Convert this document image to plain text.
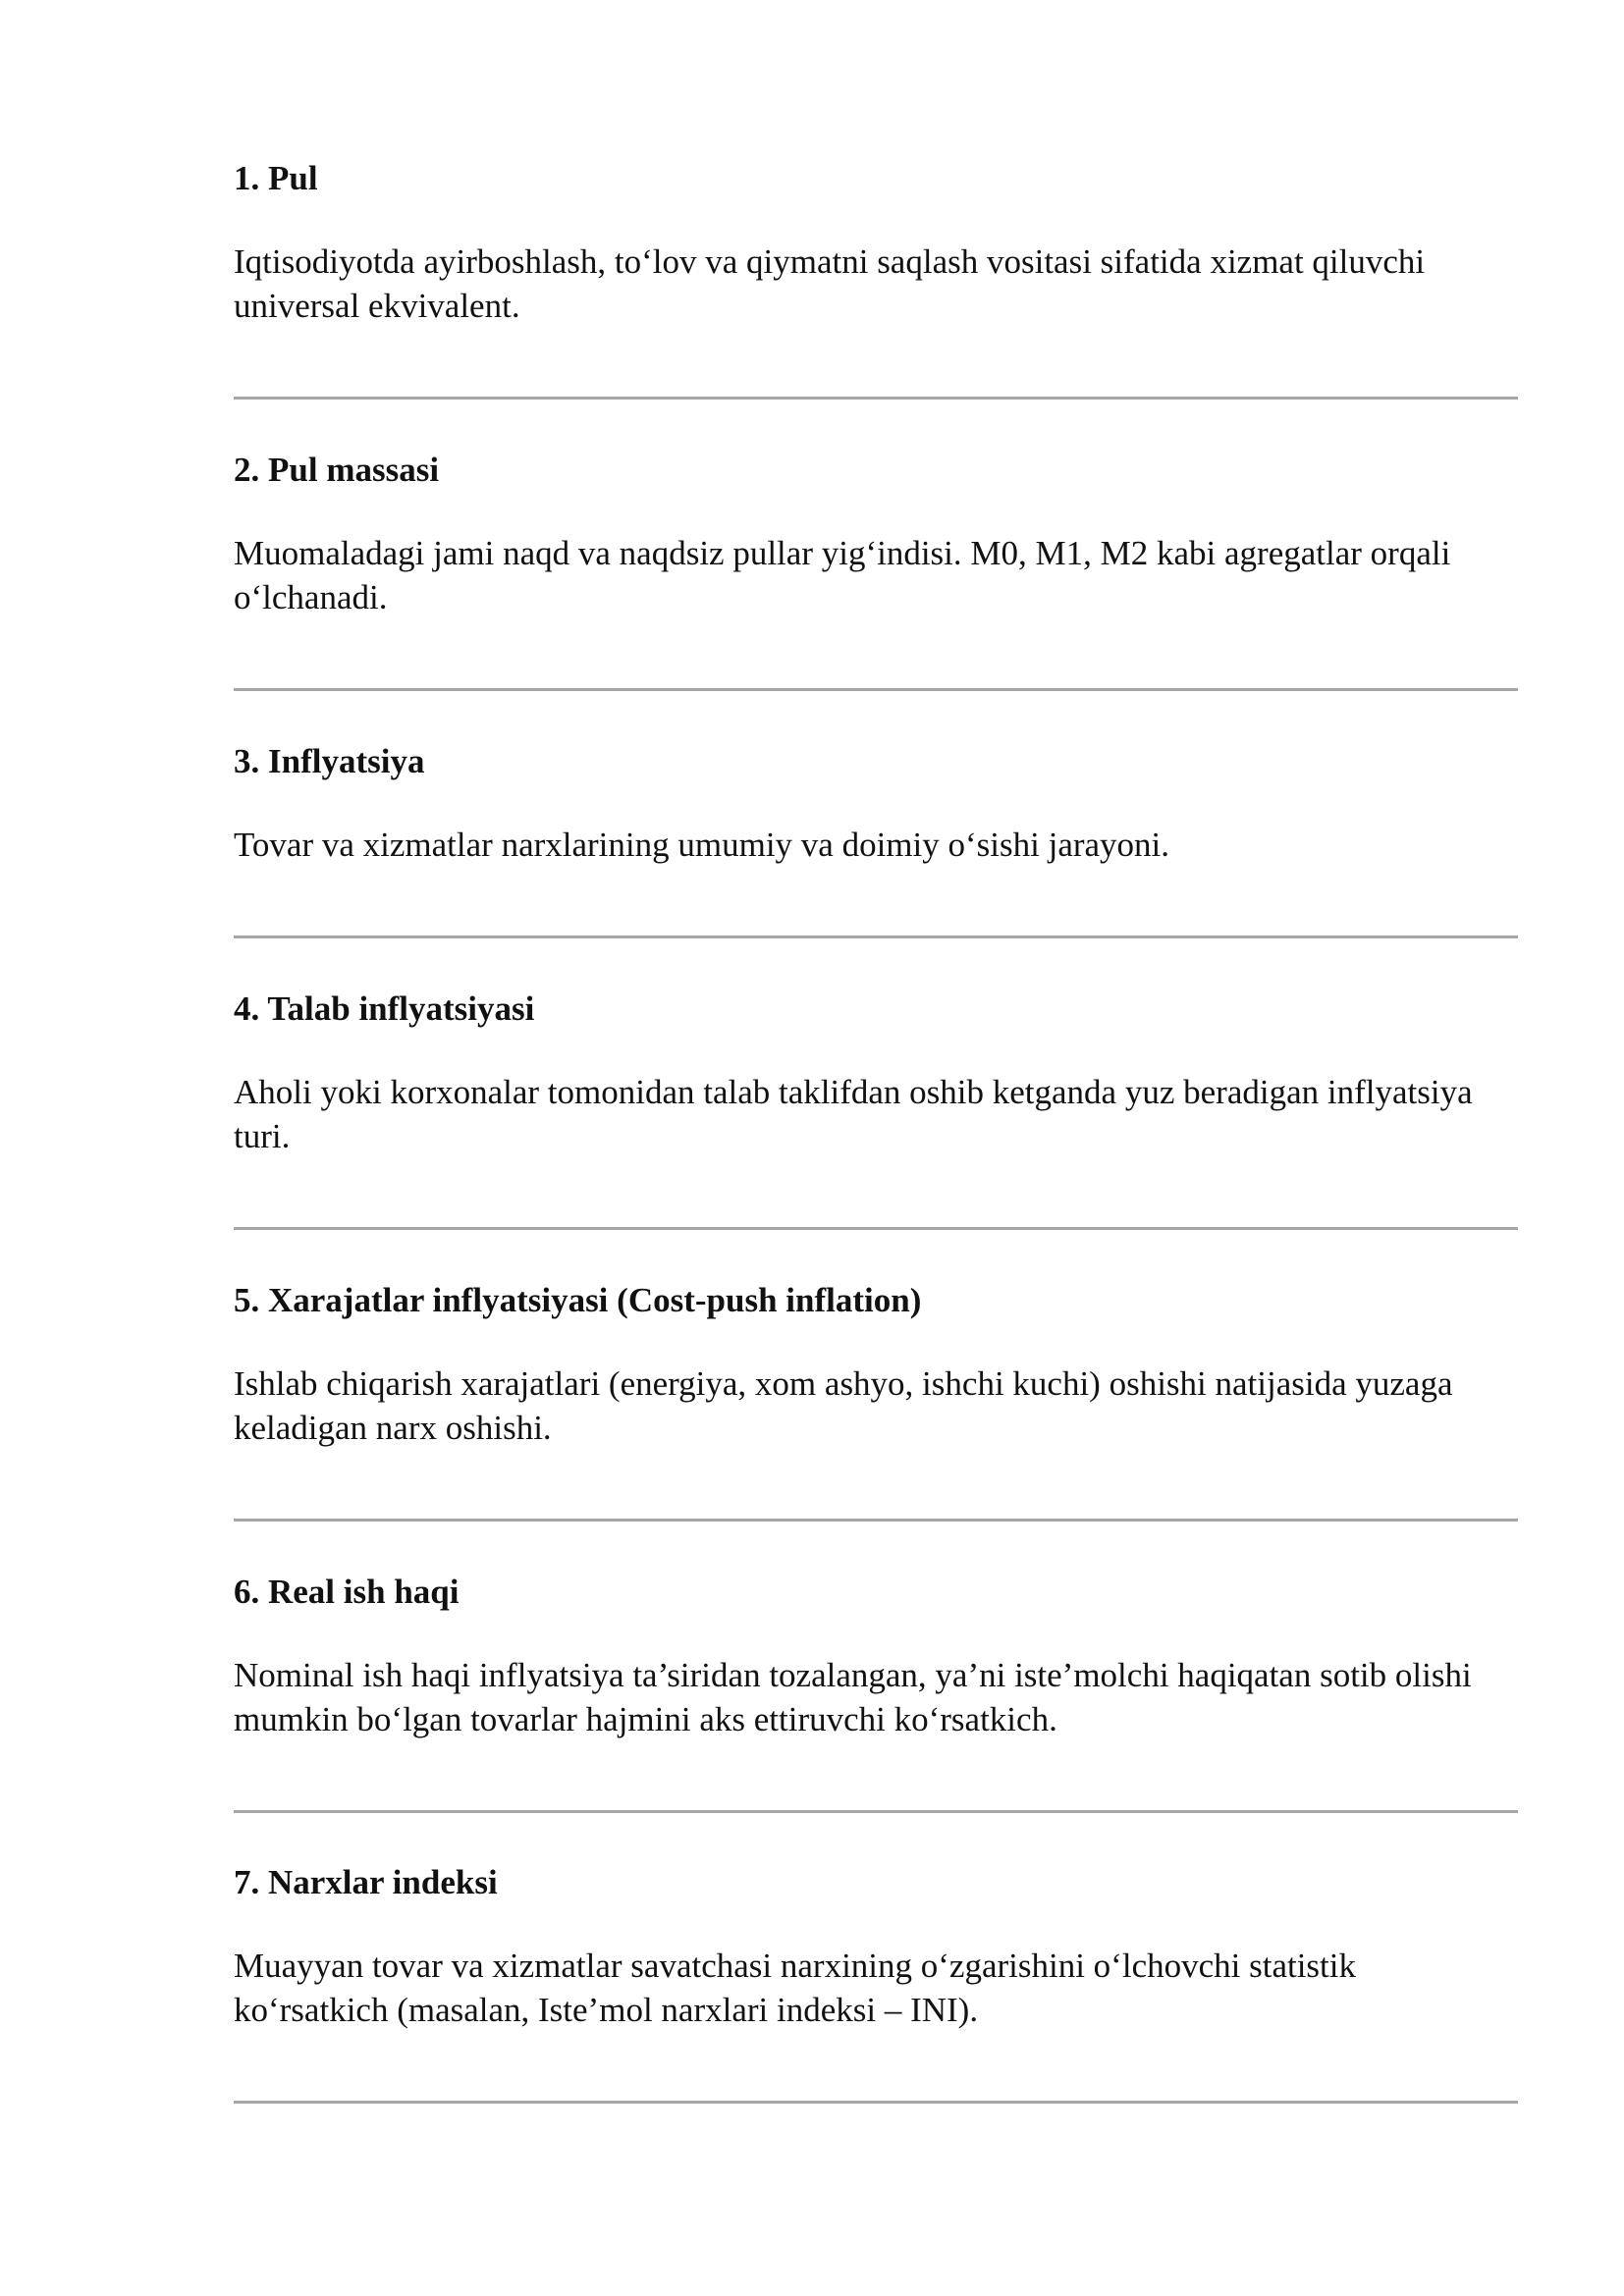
1. Pul

Iqtisodiyotda ayirboshlash, to‘lov va qiymatni saqlash vositasi sifatida xizmat qiluvchi universal ekvivalent.

2. Pul massasi

Muomaladagi jami naqd va naqdsiz pullar yig‘indisi. M0, M1, M2 kabi agregatlar orqali o‘lchanadi.

3. Inflyatsiya

Tovar va xizmatlar narxlarining umumiy va doimiy o‘sishi jarayoni.

4. Talab inflyatsiyasi

Aholi yoki korxonalar tomonidan talab taklifdan oshib ketganda yuz beradigan inflyatsiya turi.

5. Xarajatlar inflyatsiyasi (Cost-push inflation)

Ishlab chiqarish xarajatlari (energiya, xom ashyo, ishchi kuchi) oshishi natijasida yuzaga keladigan narx oshishi.

6. Real ish haqi

Nominal ish haqi inflyatsiya ta’siridan tozalangan, ya’ni iste’molchi haqiqatan sotib olishi mumkin bo‘lgan tovarlar hajmini aks ettiruvchi ko‘rsatkich.

7. Narxlar indeksi

Muayyan tovar va xizmatlar savatchasi narxining o‘zgarishini o‘lchovchi statistik ko‘rsatkich (masalan, Iste’mol narxlari indeksi – INI).
